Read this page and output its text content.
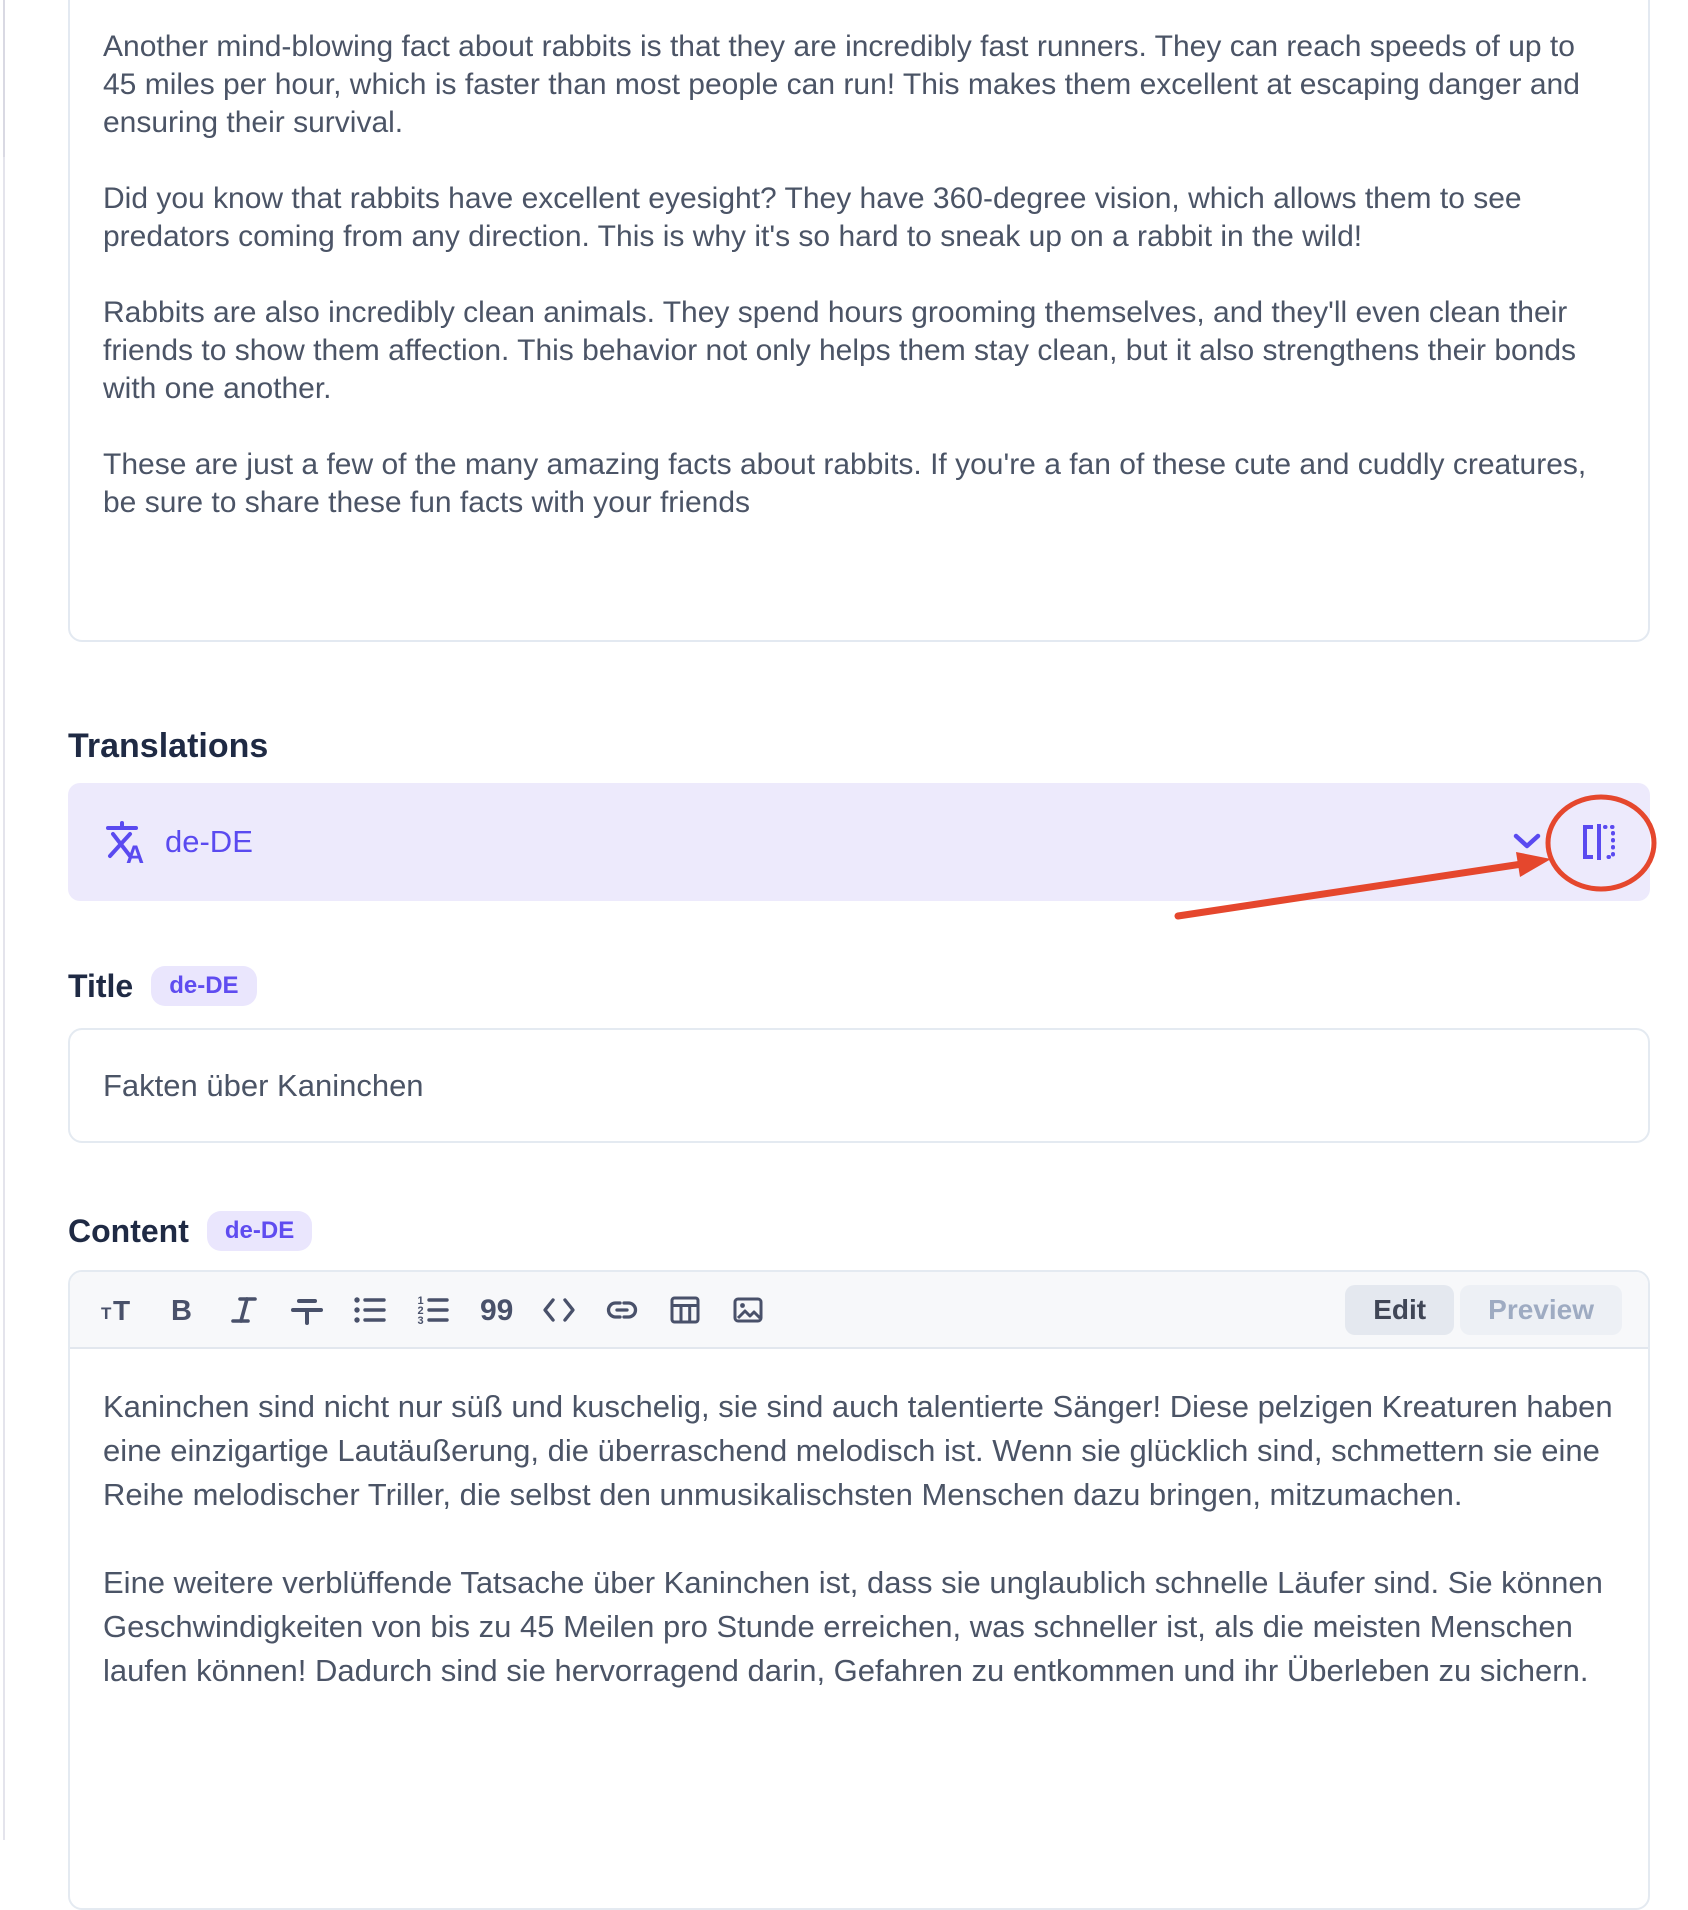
Another mind-blowing fact about rabbits is that they are incredibly fast runners. They can reach speeds of up to 45 miles per hour, which is faster than most people can run! This makes them excellent at escaping danger and ensuring their survival.

Did you know that rabbits have excellent eyesight? They have 360-degree vision, which allows them to see predators coming from any direction. This is why it's so hard to sneak up on a rabbit in the wild!

Rabbits are also incredibly clean animals. They spend hours grooming themselves, and they'll even clean their friends to show them affection. This behavior not only helps them stay clean, but it also strengthens their bonds with one another.

These are just a few of the many amazing facts about rabbits. If you're a fan of these cute and cuddly creatures, be sure to share these fun facts with your friends

Translations
A de-DE
Title	de-DE
Fakten über Kaninchen
Content	de-DE
T T B	1
2
3 99	Edit	Preview

Kaninchen sind nicht nur süß und kuschelig, sie sind auch talentierte Sänger! Diese pelzigen Kreaturen haben eine einzigartige Lautäußerung, die überraschend melodisch ist. Wenn sie glücklich sind, schmettern sie eine Reihe melodischer Triller, die selbst den unmusikalischsten Menschen dazu bringen, mitzumachen.

Eine weitere verblüffende Tatsache über Kaninchen ist, dass sie unglaublich schnelle Läufer sind. Sie können Geschwindigkeiten von bis zu 45 Meilen pro Stunde erreichen, was schneller ist, als die meisten Menschen laufen können! Dadurch sind sie hervorragend darin, Gefahren zu entkommen und ihr Überleben zu sichern.
